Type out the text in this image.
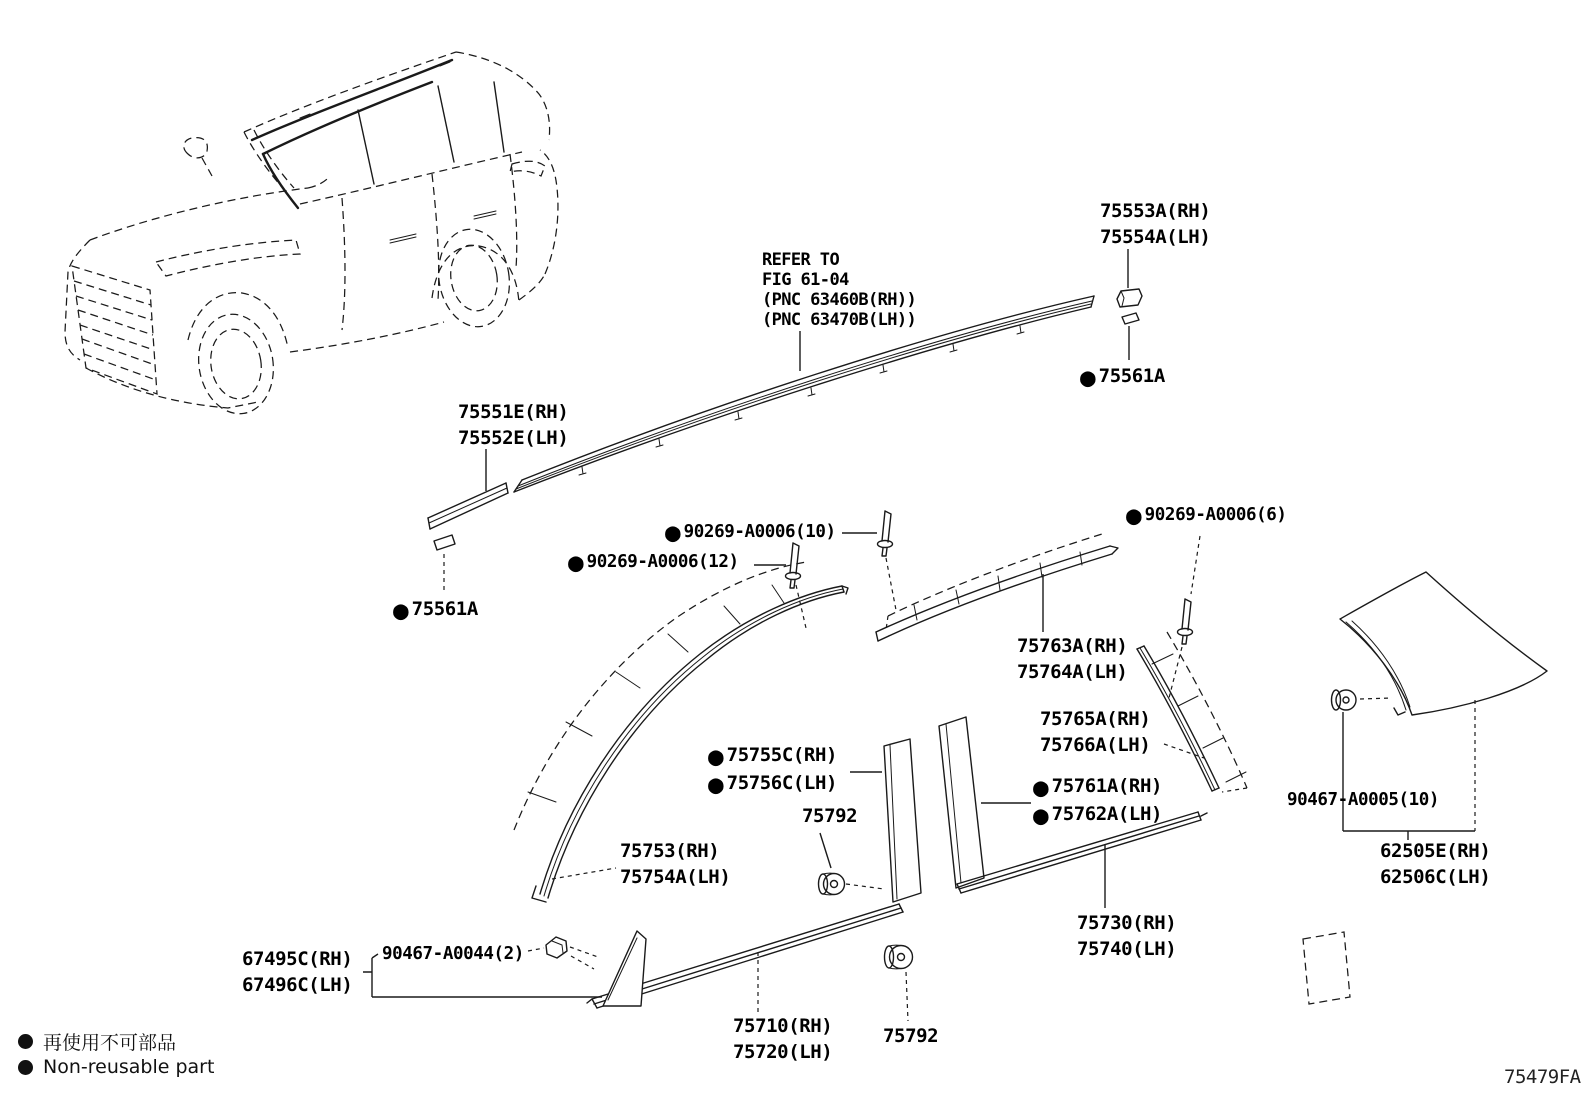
REFER TO
FIG 61-04
(PNC 63460B(RH))
(PNC 63470B(LH))
75553A(RH)
75554A(LH)
75551E(RH)
75552E(LH)
● 75561A
● 75561A
● 90269-A0006(10)
● 90269-A0006(12)
● 90269-A0006(6)
75763A(RH)
75764A(LH)
75765A(RH)
75766A(LH)
● 75755C(RH)
● 75756C(LH)
75792
● 75761A(RH)
● 75762A(LH)
75753(RH)
75754A(LH)
90467-A0005(10)
62505E(RH)
62506C(LH)
75730(RH)
75740(LH)
67495C(RH)
67496C(LH)
90467-A0044(2)
75710(RH)
75720(LH)
75792
再使用不可部品
Non-reusable part	75479FA
